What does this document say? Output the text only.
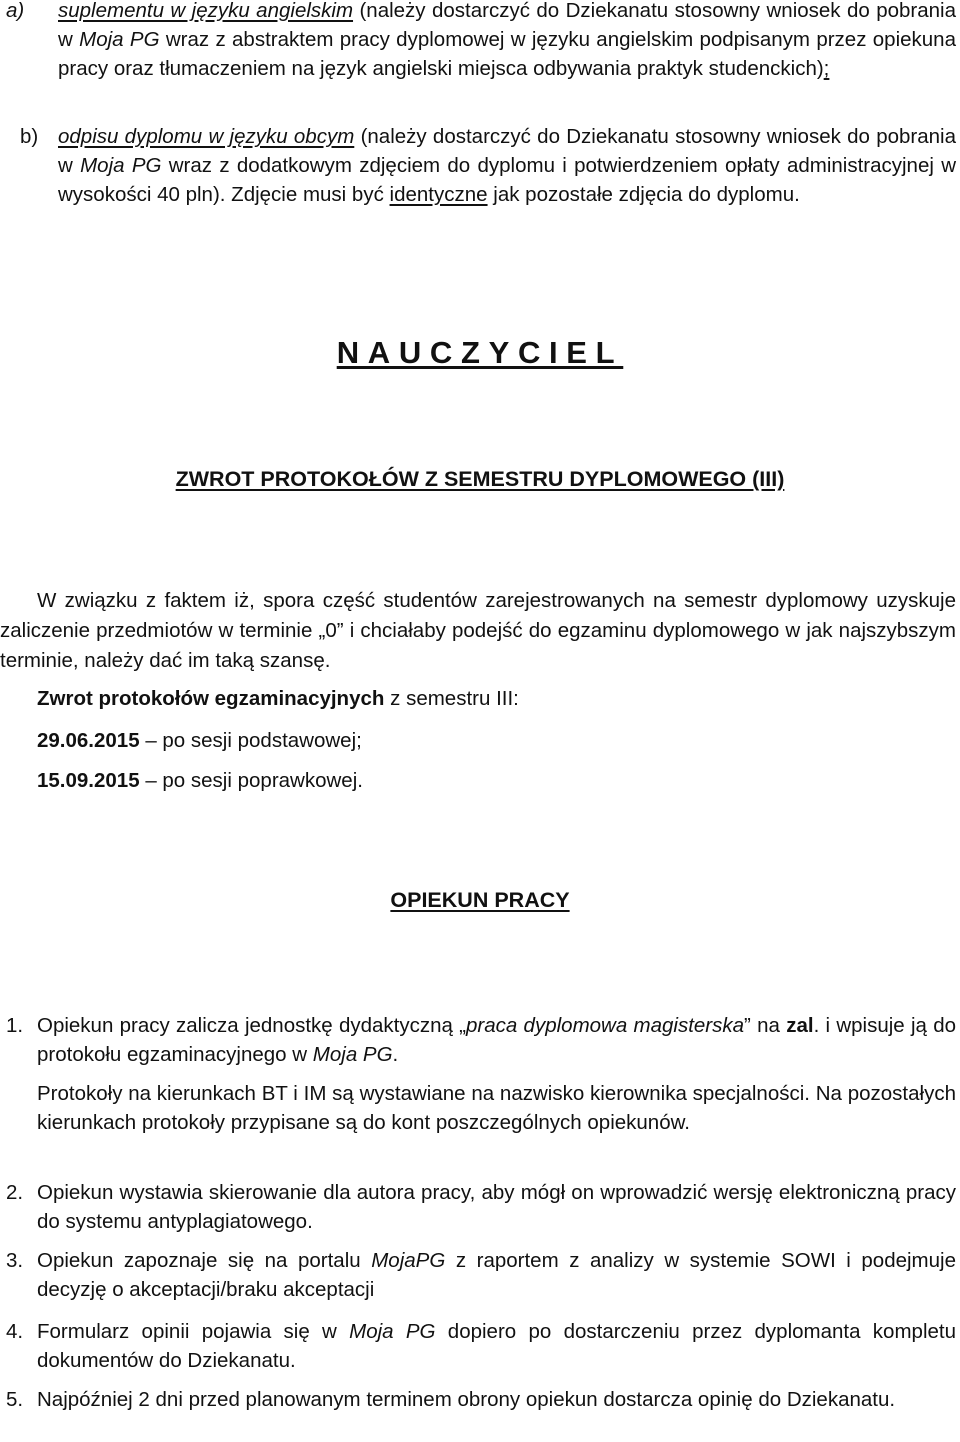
a) suplementu w języku angielskim (należy dostarczyć do Dziekanatu stosowny wniosek do pobrania w Moja PG wraz z abstraktem pracy dyplomowej w języku angielskim podpisanym przez opiekuna pracy oraz tłumaczeniem na język angielski miejsca odbywania praktyk studenckich);
b) odpisu dyplomu w języku obcym (należy dostarczyć do Dziekanatu stosowny wniosek do pobrania w Moja PG wraz z dodatkowym zdjęciem do dyplomu i potwierdzeniem opłaty administracyjnej w wysokości 40 pln). Zdjęcie musi być identyczne jak pozostałe zdjęcia do dyplomu.
NAUCZYCIEL
ZWROT PROTOKOŁÓW Z SEMESTRU DYPLOMOWEGO (III)
W związku z faktem iż, spora część studentów zarejestrowanych na semestr dyplomowy uzyskuje zaliczenie przedmiotów w terminie „0” i chciałaby podejść do egzaminu dyplomowego w jak najszybszym terminie, należy dać im taką szansę.
Zwrot protokołów egzaminacyjnych z semestru III:
29.06.2015 – po sesji podstawowej;
15.09.2015 – po sesji poprawkowej.
OPIEKUN PRACY
1. Opiekun pracy zalicza jednostkę dydaktyczną „praca dyplomowa magisterska” na zal. i wpisuje ją do protokołu egzaminacyjnego w Moja PG.
Protokoły na kierunkach BT i IM są wystawiane na nazwisko kierownika specjalności. Na pozostałych kierunkach protokoły przypisane są do kont poszczególnych opiekunów.
2. Opiekun wystawia skierowanie dla autora pracy, aby mógł on wprowadzić wersję elektroniczną pracy do systemu antyplagiatowego.
3. Opiekun zapoznaje się na portalu MojaPG z raportem z analizy w systemie SOWI i podejmuje decyzję o akceptacji/braku akceptacji
4. Formularz opinii pojawia się w Moja PG dopiero po dostarczeniu przez dyplomanta kompletu dokumentów do Dziekanatu.
5. Najpóźniej 2 dni przed planowanym terminem obrony opiekun dostarcza opinię do Dziekanatu.
